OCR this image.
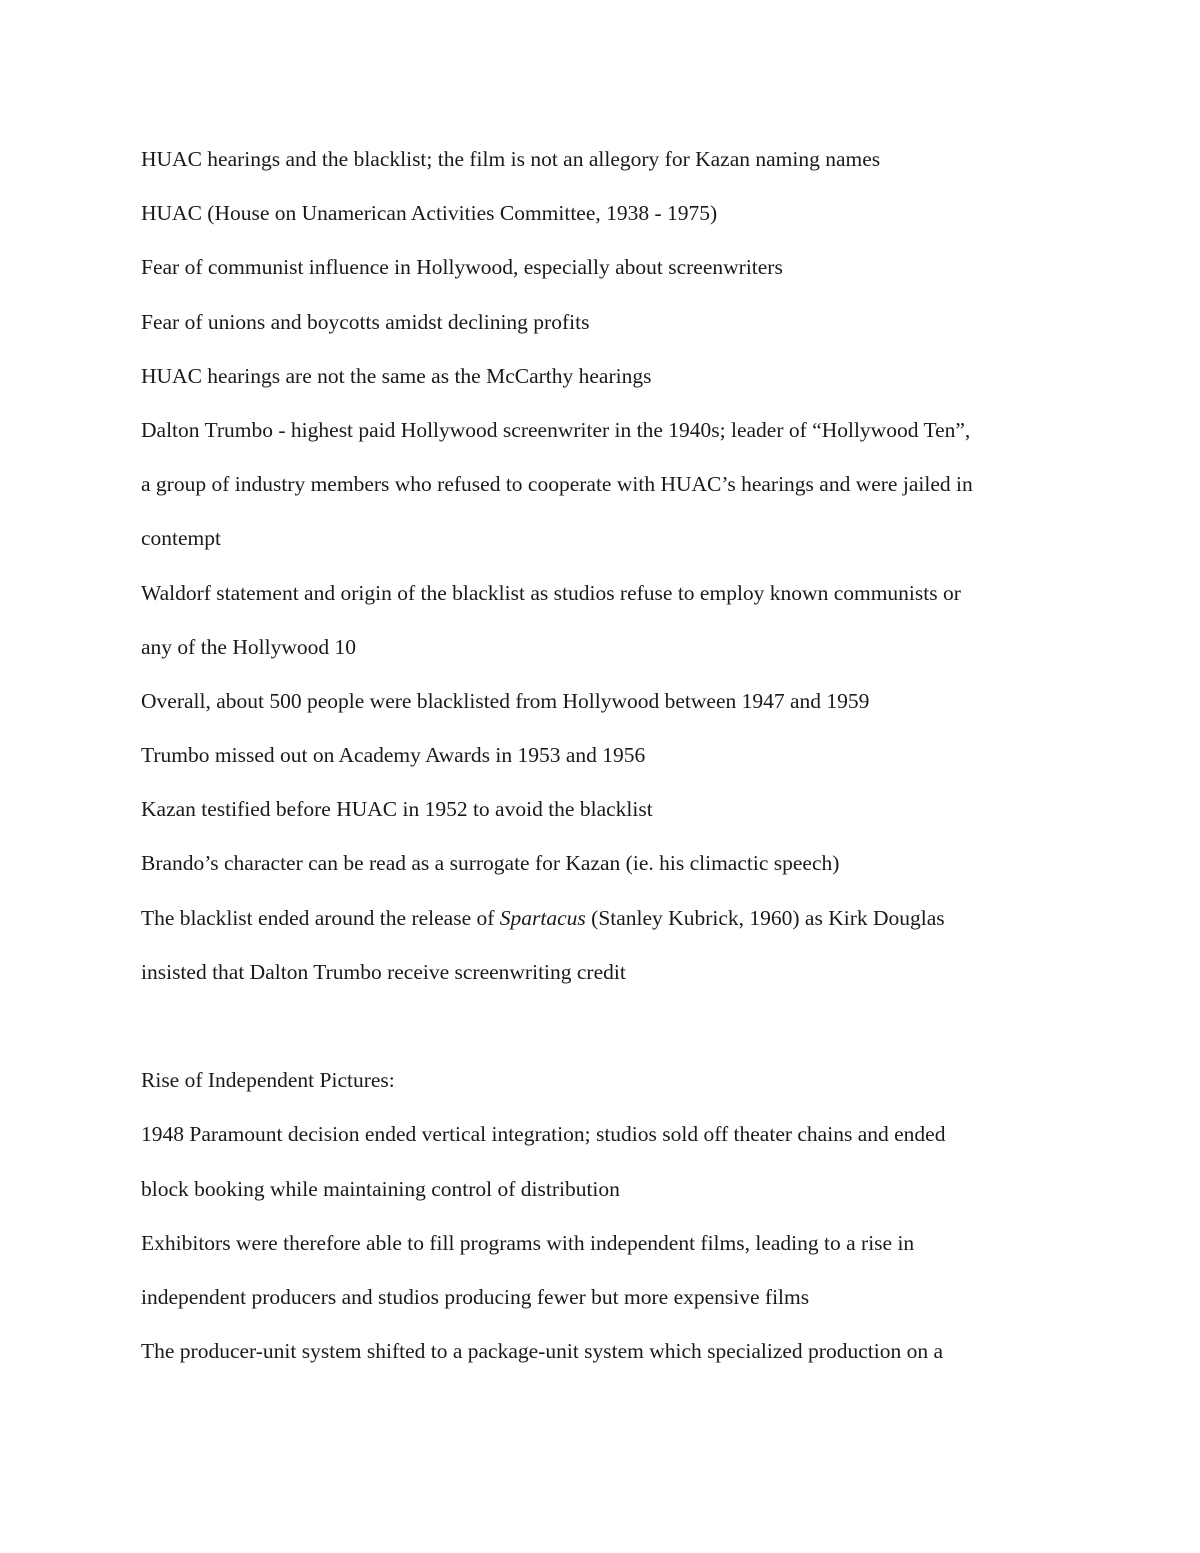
HUAC hearings and the blacklist; the film is not an allegory for Kazan naming names
HUAC (House on Unamerican Activities Committee, 1938 - 1975)
Fear of communist influence in Hollywood, especially about screenwriters
Fear of unions and boycotts amidst declining profits
HUAC hearings are not the same as the McCarthy hearings
Dalton Trumbo - highest paid Hollywood screenwriter in the 1940s; leader of “Hollywood Ten”,
a group of industry members who refused to cooperate with HUAC’s hearings and were jailed in
contempt
Waldorf statement and origin of the blacklist as studios refuse to employ known communists or
any of the Hollywood 10
Overall, about 500 people were blacklisted from Hollywood between 1947 and 1959
Trumbo missed out on Academy Awards in 1953 and 1956
Kazan testified before HUAC in 1952 to avoid the blacklist
Brando’s character can be read as a surrogate for Kazan (ie. his climactic speech)
The blacklist ended around the release of Spartacus (Stanley Kubrick, 1960) as Kirk Douglas
insisted that Dalton Trumbo receive screenwriting credit
Rise of Independent Pictures:
1948 Paramount decision ended vertical integration; studios sold off theater chains and ended
block booking while maintaining control of distribution
Exhibitors were therefore able to fill programs with independent films, leading to a rise in
independent producers and studios producing fewer but more expensive films
The producer-unit system shifted to a package-unit system which specialized production on a
